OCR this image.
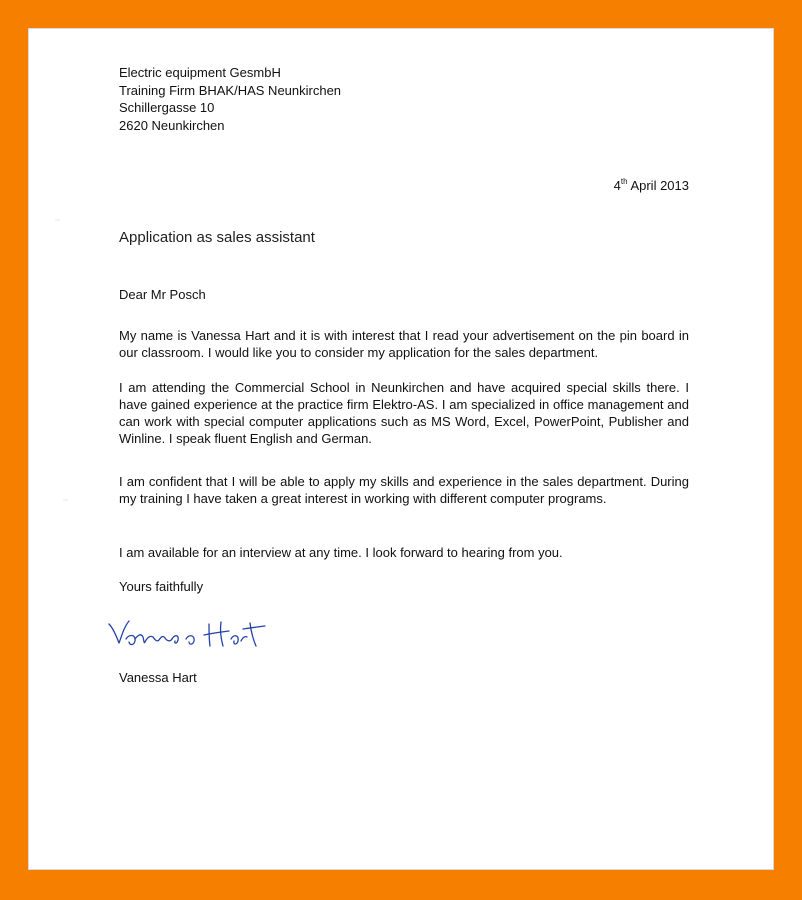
Electric equipment GesmbH
Training Firm BHAK/HAS Neunkirchen
Schillergasse 10
2620 Neunkirchen
4th April 2013
Application as sales assistant
Dear Mr Posch
My name is Vanessa Hart and it is with interest that I read your advertisement on the pin board in our classroom. I would like you to consider my application for the sales department.
I am attending the Commercial School in Neunkirchen and have acquired special skills there. I have gained experience at the practice firm Elektro-AS. I am specialized in office management and can work with special computer applications such as MS Word, Excel, PowerPoint, Publisher and Winline. I speak fluent English and German.
I am confident that I will be able to apply my skills and experience in the sales department. During my training I have taken a great interest in working with different computer programs.
I am available for an interview at any time. I look forward to hearing from you.
Yours faithfully
Vanessa Hart
